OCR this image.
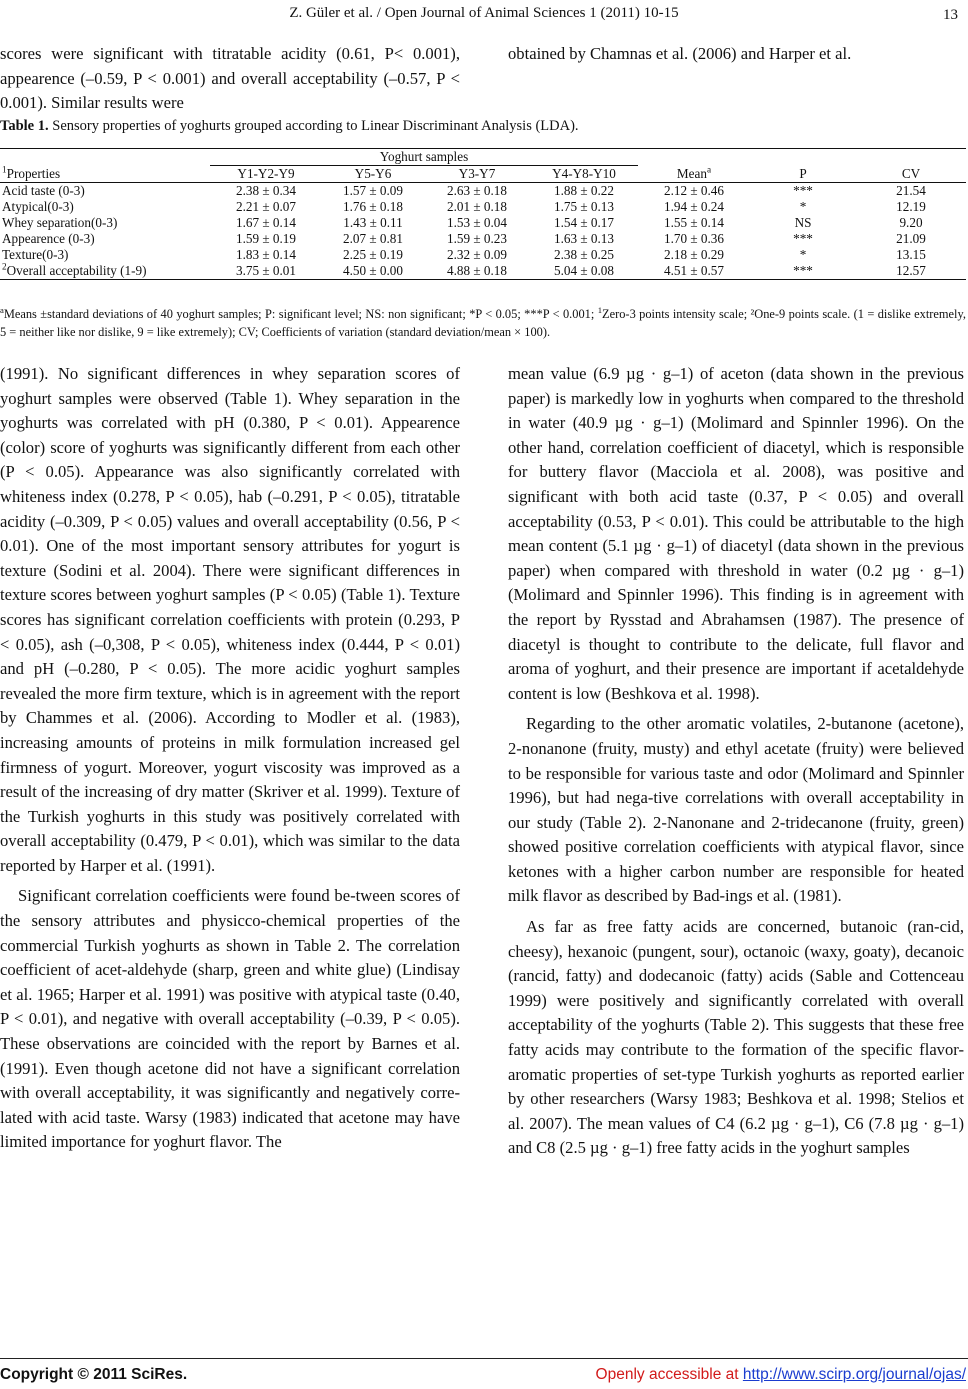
Z. Güler et al. / Open Journal of Animal Sciences 1 (2011) 10-15	13

scores were significant with titratable acidity (0.61, P< 0.001), appearence (–0.59, P < 0.001) and overall acceptability (–0.57, P < 0.001). Similar results were

obtained by Chamnas et al. (2006) and Harper et al.

Table 1. Sensory properties of yoghurts grouped according to Linear Discriminant Analysis (LDA).
	Yoghurt samples						
$^1$Properties	Y1-Y2-Y9	Y5-Y6	Y3-Y7	Y4-Y8-Y10	Mean$^a$	P	CV
Acid taste (0-3)	2.38 ± 0.34	1.57 ± 0.09	2.63 ± 0.18	1.88 ± 0.22	2.12 ± 0.46	***	21.54
Atypical(0-3)	2.21 ± 0.07	1.76 ± 0.18	2.01 ± 0.18	1.75 ± 0.13	1.94 ± 0.24	*	12.19
Whey separation(0-3)	1.67 ± 0.14	1.43 ± 0.11	1.53 ± 0.04	1.54 ± 0.17	1.55 ± 0.14	NS	9.20
Appearence (0-3)	1.59 ± 0.19	2.07 ± 0.81	1.59 ± 0.23	1.63 ± 0.13	1.70 ± 0.36	***	21.09
Texture(0-3)	1.83 ± 0.14	2.25 ± 0.19	2.32 ± 0.09	2.38 ± 0.25	2.18 ± 0.29	*	13.15
$^2$Overall acceptability (1-9)	3.75 ± 0.01	4.50 ± 0.00	4.88 ± 0.18	5.04 ± 0.08	4.51 ± 0.57	***	12.57
$^a$Means ±standard deviations of 40 yoghurt samples; P: significant level; NS: non significant; *P < 0.05; ***P < 0.001; $^1$Zero-3 points intensity scale; ²One-9 points scale. (1 = dislike extremely, 5 = neither like nor dislike, 9 = like extremely); CV; Coefficients of variation (standard deviation/mean × 100).

(1991). No significant differences in whey separation scores of yoghurt samples were observed (Table 1). Whey separation in the yoghurts was correlated with pH (0.380, P < 0.01). Appearence (color) score of yoghurts was significantly different from each other (P < 0.05). Appearance was also significantly correlated with whiteness index (0.278, P < 0.05), hab (–0.291, P < 0.05), titratable acidity (–0.309, P < 0.05) values and overall acceptability (0.56, P < 0.01). One of the most important sensory attributes for yogurt is texture (Sodini et al. 2004). There were significant differences in texture scores between yoghurt samples (P < 0.05) (Table 1). Texture scores has significant correlation coefficients with protein (0.293, P < 0.05), ash (–0,308, P < 0.05), whiteness index (0.444, P < 0.01) and pH (–0.280, P < 0.05). The more acidic yoghurt samples revealed the more firm texture, which is in agreement with the report by Chammes et al. (2006). According to Modler et al. (1983), increasing amounts of proteins in milk formulation increased gel firmness of yogurt. Moreover, yogurt viscosity was improved as a result of the increasing of dry matter (Skriver et al. 1999). Texture of the Turkish yoghurts in this study was positively correlated with overall acceptability (0.479, P < 0.01), which was similar to the data reported by Harper et al. (1991).

Significant correlation coefficients were found be-tween scores of the sensory attributes and physicco-chemical properties of the commercial Turkish yoghurts as shown in Table 2. The correlation coefficient of acet-aldehyde (sharp, green and white glue) (Lindisay et al. 1965; Harper et al. 1991) was positive with atypical taste (0.40, P < 0.01), and negative with overall acceptability (–0.39, P < 0.05). These observations are coincided with the report by Barnes et al. (1991). Even though acetone did not have a significant correlation with overall acceptability, it was significantly and negatively corre-lated with acid taste. Warsy (1983) indicated that acetone may have limited importance for yoghurt flavor. The

mean value (6.9 µg · g–1) of aceton (data shown in the previous paper) is markedly low in yoghurts when compared to the threshold in water (40.9 µg · g–1) (Molimard and Spinnler 1996). On the other hand, correlation coefficient of diacetyl, which is responsible for buttery flavor (Macciola et al. 2008), was positive and significant with both acid taste (0.37, P < 0.05) and overall acceptability (0.53, P < 0.01). This could be attributable to the high mean content (5.1 µg · g–1) of diacetyl (data shown in the previous paper) when compared with threshold in water (0.2 µg · g–1) (Molimard and Spinnler 1996). This finding is in agreement with the report by Rysstad and Abrahamsen (1987). The presence of diacetyl is thought to contribute to the delicate, full flavor and aroma of yoghurt, and their presence are important if acetaldehyde content is low (Beshkova et al. 1998).

Regarding to the other aromatic volatiles, 2-butanone (acetone), 2-nonanone (fruity, musty) and ethyl acetate (fruity) were believed to be responsible for various taste and odor (Molimard and Spinnler 1996), but had nega-tive correlations with overall acceptability in our study (Table 2). 2-Nanonane and 2-tridecanone (fruity, green) showed positive correlation coefficients with atypical flavor, since ketones with a higher carbon number are responsible for heated milk flavor as described by Bad-ings et al. (1981).

As far as free fatty acids are concerned, butanoic (ran-cid, cheesy), hexanoic (pungent, sour), octanoic (waxy, goaty), decanoic (rancid, fatty) and dodecanoic (fatty) acids (Sable and Cottenceau 1999) were positively and significantly correlated with overall acceptability of the yoghurts (Table 2). This suggests that these free fatty acids may contribute to the formation of the specific flavor-aromatic properties of set-type Turkish yoghurts as reported earlier by other researchers (Warsy 1983; Beshkova et al. 1998; Stelios et al. 2007). The mean values of C4 (6.2 µg · g–1), C6 (7.8 µg · g–1) and C8 (2.5 µg · g–1) free fatty acids in the yoghurt samples

Copyright © 2011 SciRes.	Openly accessible at http://www.scirp.org/journal/ojas/
